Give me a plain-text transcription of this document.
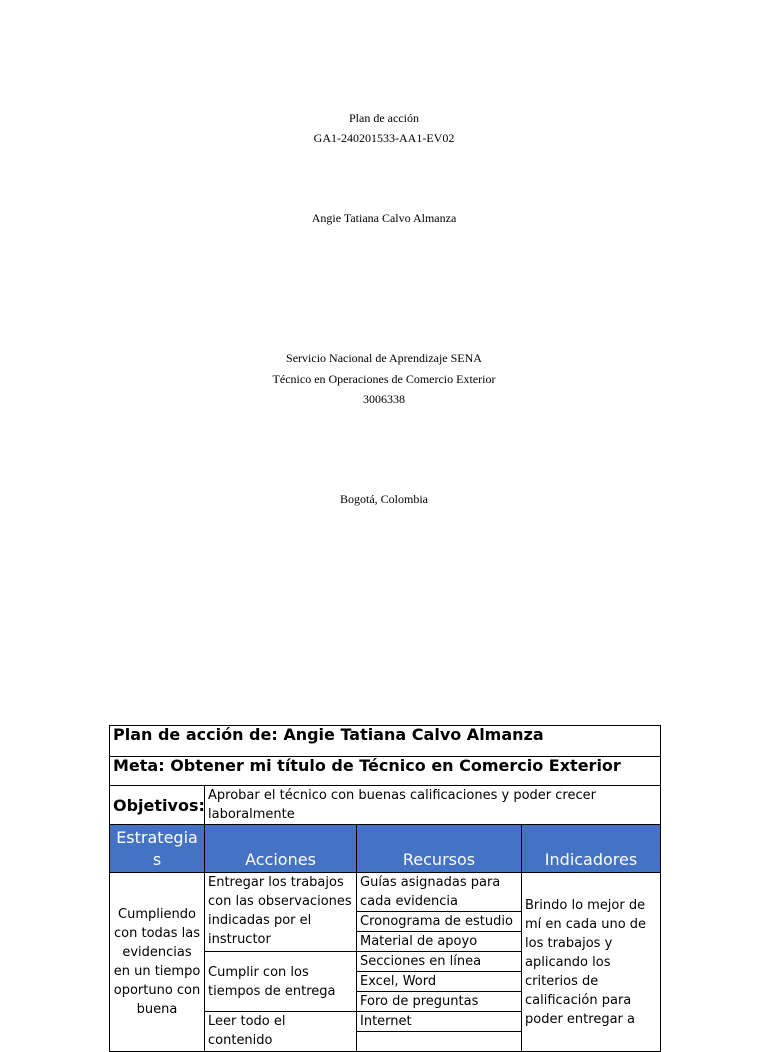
Plan de acción
GA1-240201533-AA1-EV02
Angie Tatiana Calvo Almanza
Servicio Nacional de Aprendizaje SENA
Técnico en Operaciones de Comercio Exterior
3006338
Bogotá, Colombia
Plan de acción de: Angie Tatiana Calvo Almanza			
Meta: Obtener mi título de Técnico en Comercio Exterior			
Objetivos:	Aprobar el técnico con buenas calificaciones y poder crecer laboralmente		
Estrategia s	Acciones	Recursos	Indicadores
Cumpliendo con todas las evidencias en un tiempo oportuno con buena	Entregar los trabajos con las observaciones indicadas por el instructor	Guías asignadas para cada evidencia	Brindo lo mejor de mí en cada uno de los trabajos y aplicando los criterios de calificación para poder entregar a
		Cronograma de estudio	
		Material de apoyo	
	Cumplir con los tiempos de entrega	Secciones en línea	
		Excel, Word	
		Foro de preguntas	
	Leer todo el contenido	Internet	
